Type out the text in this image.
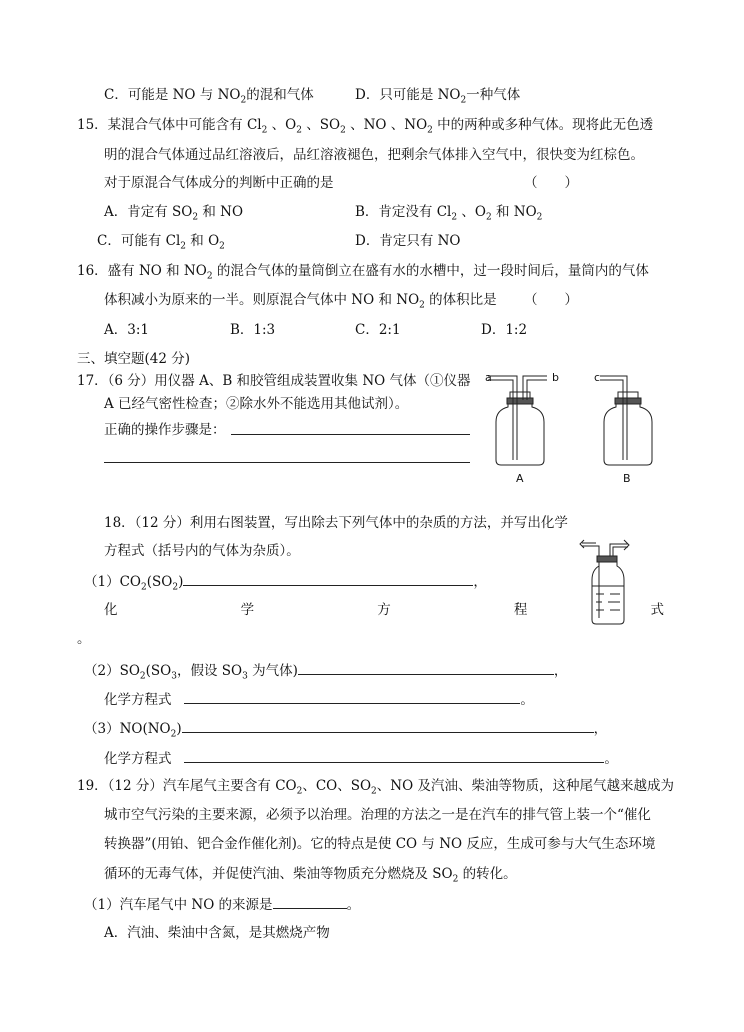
C．可能是 NO 与 $NO_2$的混和气体	D．只可能是 $NO_2$一种气体
15．某混合气体中可能含有 $Cl_2$ 、$O_2$ 、$SO_2$ 、NO 、$NO_2$ 中的两种或多种气体。现将此无色透
明的混合气体通过品红溶液后，品红溶液褪色，把剩余气体排入空气中，很快变为红棕色。
对于原混合气体成分的判断中正确的是	（　　）
A．肯定有 $SO_2$ 和 NO	B．肯定没有 $Cl_2$ 、$O_2$ 和 $NO_2$
C．可能有 $Cl_2$ 和 $O_2$	D．肯定只有 NO
16．盛有 NO 和 $NO_2$ 的混合气体的量筒倒立在盛有水的水槽中，过一段时间后，量筒内的气体
体积减小为原来的一半。则原混合气体中 NO 和 $NO_2$ 的体积比是 （　　）
A．3:1	B．1:3	C．2:1	D．1:2
三、填空题(42 分)
17．（6 分）用仪器 A、B 和胶管组成装置收集 NO 气体（①仪器
A 已经气密性检查；②除水外不能选用其他试剂）。
正确的操作步骤是：
a	b	c
A	B
18．（12 分）利用右图装置，写出除去下列气体中的杂质的方法，并写出化学
方程式（括号内的气体为杂质）。
$(1)CO_2(SO_2)$	，
化	学	方	程	式
。
$(2)SO_2(SO_3$，假设 $SO_3$ 为气体)	，
化学方程式	。
$(3)NO(NO_2)$	，
化学方程式	。
19．（12 分）汽车尾气主要含有 $CO_2$、CO、$SO_2$、NO 及汽油、柴油等物质，这种尾气越来越成为
城市空气污染的主要来源，必须予以治理。治理的方法之一是在汽车的排气管上装一个“催化
转换器”(用铂、钯合金作催化剂)。它的特点是使 CO 与 NO 反应，生成可参与大气生态环境
循环的无毒气体，并促使汽油、柴油等物质充分燃烧及 $SO_2$ 的转化。
（1）汽车尾气中 NO 的来源是	。
A．汽油、柴油中含氮，是其燃烧产物
